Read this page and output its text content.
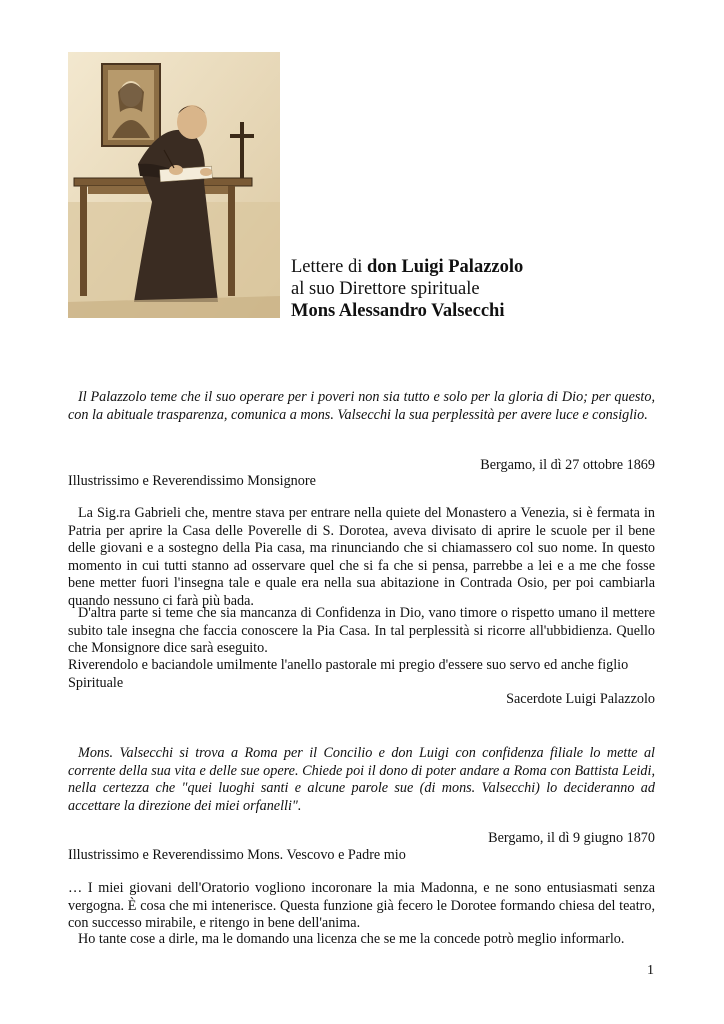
Lettere di don Luigi Palazzolo
al suo Direttore spirituale
Mons Alessandro Valsecchi
Il Palazzolo teme che il suo operare per i poveri non sia tutto e solo per la gloria di Dio; per questo, con la abituale trasparenza, comunica a mons. Valsecchi la sua perplessità per avere luce e consiglio.
Bergamo, il dì 27 ottobre 1869
Illustrissimo e Reverendissimo Monsignore
La Sig.ra Gabrieli che, mentre stava per entrare nella quiete del Monastero a Venezia, si è fermata in Patria per aprire la Casa delle Poverelle di S. Dorotea, aveva divisato di aprire le scuole per il bene delle giovani e a sostegno della Pia casa, ma rinunciando che si chiamassero col suo nome. In questo momento in cui tutti stanno ad osservare quel che si fa che si pensa, parrebbe a lei e a me che fosse bene metter fuori l'insegna tale e quale era nella sua abitazione in Contrada Osio, per poi cambiarla quando nessuno ci farà più bada.
D'altra parte si teme che sia mancanza di Confidenza in Dio, vano timore o rispetto umano il mettere subito tale insegna che faccia conoscere la Pia Casa. In tal perplessità si ricorre all'ubbidienza. Quello che Monsignore dice sarà eseguito.
Riverendolo e baciandole umilmente l'anello pastorale mi pregio d'essere suo servo ed anche figlio Spirituale
Sacerdote Luigi Palazzolo
Mons. Valsecchi si trova a Roma per il Concilio e don Luigi con confidenza filiale lo mette al corrente della sua vita e delle sue opere. Chiede poi il dono di poter andare a Roma con Battista Leidi, nella certezza che "quei luoghi santi e alcune parole sue (di mons. Valsecchi) lo decideranno ad accettare la direzione dei miei orfanelli".
Bergamo, il dì 9 giugno 1870
Illustrissimo e Reverendissimo Mons. Vescovo e Padre mio
… I miei giovani dell'Oratorio vogliono incoronare la mia Madonna, e ne sono entusiasmati senza vergogna. È cosa che mi intenerisce. Questa funzione già fecero le Dorotee formando chiesa del teatro, con successo mirabile, e ritengo in bene dell'anima.
Ho tante cose a dirle, ma le domando una licenza che se me la concede potrò meglio informarlo.
1
